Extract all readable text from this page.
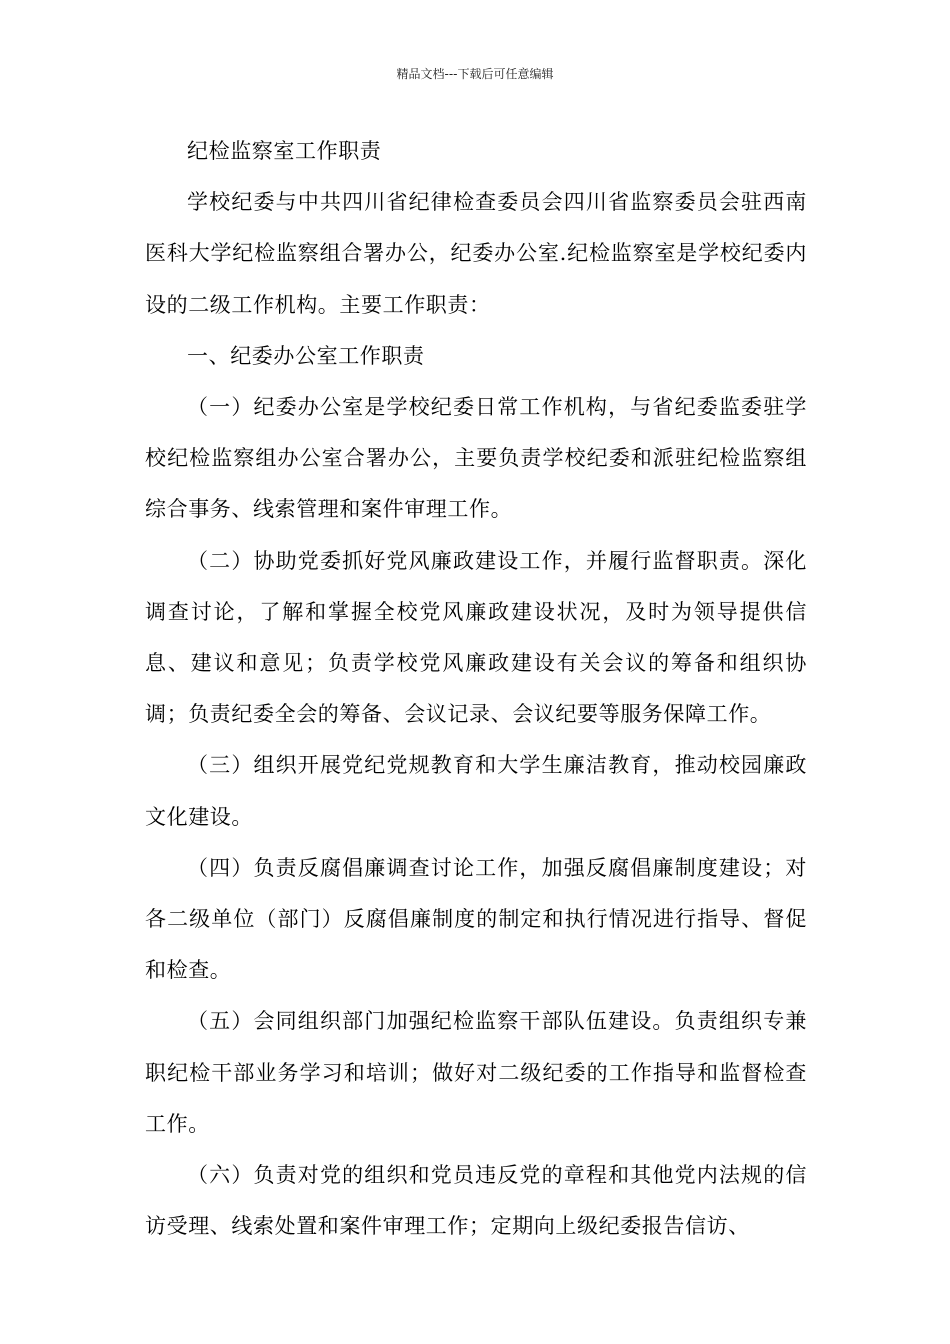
精品文档---下载后可任意编辑

纪检监察室工作职责

学校纪委与中共四川省纪律检查委员会四川省监察委员会驻西南医科大学纪检监察组合署办公，纪委办公室.纪检监察室是学校纪委内设的二级工作机构。主要工作职责：

一、纪委办公室工作职责

（一）纪委办公室是学校纪委日常工作机构，与省纪委监委驻学校纪检监察组办公室合署办公，主要负责学校纪委和派驻纪检监察组综合事务、线索管理和案件审理工作。

（二）协助党委抓好党风廉政建设工作，并履行监督职责。深化调查讨论，了解和掌握全校党风廉政建设状况，及时为领导提供信息、建议和意见；负责学校党风廉政建设有关会议的筹备和组织协调；负责纪委全会的筹备、会议记录、会议纪要等服务保障工作。

（三）组织开展党纪党规教育和大学生廉洁教育，推动校园廉政文化建设。

（四）负责反腐倡廉调查讨论工作，加强反腐倡廉制度建设；对各二级单位（部门）反腐倡廉制度的制定和执行情况进行指导、督促和检查。

（五）会同组织部门加强纪检监察干部队伍建设。负责组织专兼职纪检干部业务学习和培训；做好对二级纪委的工作指导和监督检查工作。

（六）负责对党的组织和党员违反党的章程和其他党内法规的信访受理、线索处置和案件审理工作；定期向上级纪委报告信访、
